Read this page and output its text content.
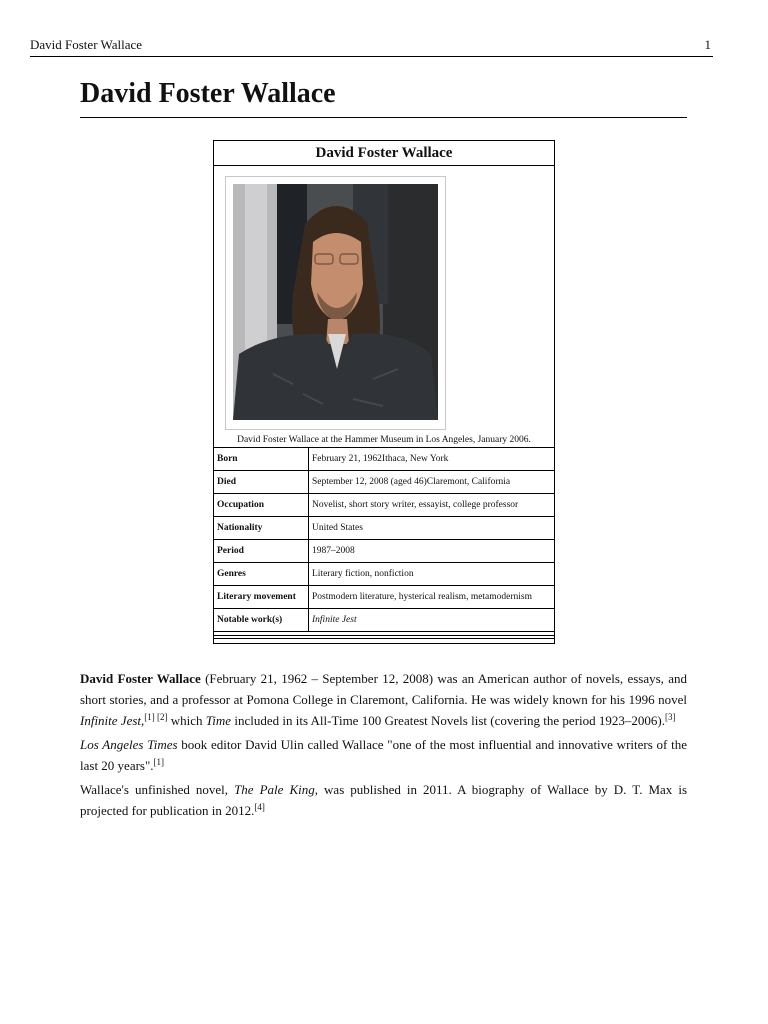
David Foster Wallace	1
David Foster Wallace
David Foster Wallace
David Foster Wallace at the Hammer Museum in Los Angeles, January 2006.
Born	February 21, 1962Ithaca, New York
Died	September 12, 2008 (aged 46)Claremont, California
Occupation	Novelist, short story writer, essayist, college professor
Nationality	United States
Period	1987–2008
Genres	Literary fiction, nonfiction
Literary movement	Postmodern literature, hysterical realism, metamodernism
Notable work(s)	Infinite Jest

David Foster Wallace (February 21, 1962 – September 12, 2008) was an American author of novels, essays, and short stories, and a professor at Pomona College in Claremont, California. He was widely known for his 1996 novel Infinite Jest,[1] [2] which Time included in its All-Time 100 Greatest Novels list (covering the period 1923–2006).[3]

Los Angeles Times book editor David Ulin called Wallace "one of the most influential and innovative writers of the last 20 years".[1]

Wallace's unfinished novel, The Pale King, was published in 2011. A biography of Wallace by D. T. Max is projected for publication in 2012.[4]
